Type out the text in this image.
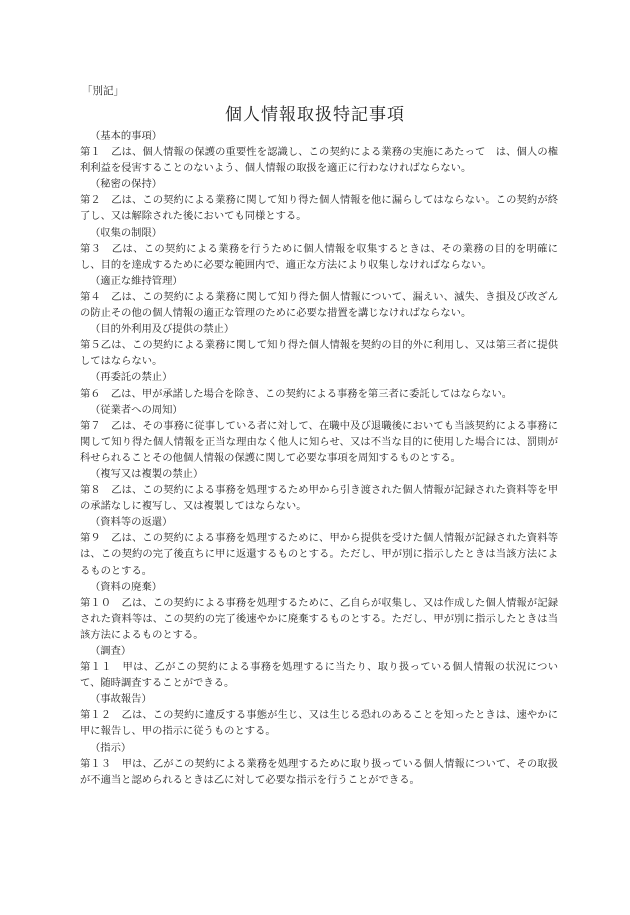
「別記」
個人情報取扱特記事項
（基本的事項）
第１　乙は、個人情報の保護の重要性を認識し、この契約による業務の実施にあたって　は、個人の権利利益を侵害することのないよう、個人情報の取扱を適正に行わなければならない。
（秘密の保持）
第２　乙は、この契約による業務に関して知り得た個人情報を他に漏らしてはならない。この契約が終了し、又は解除された後においても同様とする。
（収集の制限）
第３　乙は、この契約による業務を行うために個人情報を収集するときは、その業務の目的を明確にし、目的を達成するために必要な範囲内で、適正な方法により収集しなければならない。
（適正な維持管理）
第４　乙は、この契約による業務に関して知り得た個人情報について、漏えい、滅失、き損及び改ざんの防止その他の個人情報の適正な管理のために必要な措置を講じなければならない。
（目的外利用及び提供の禁止）
第５乙は、この契約による業務に関して知り得た個人情報を契約の目的外に利用し、又は第三者に提供してはならない。
（再委託の禁止）
第６　乙は、甲が承諾した場合を除き、この契約による事務を第三者に委託してはならない。
（従業者への周知）
第７　乙は、その事務に従事している者に対して、在職中及び退職後においても当該契約による事務に関して知り得た個人情報を正当な理由なく他人に知らせ、又は不当な目的に使用した場合には、罰則が科せられることその他個人情報の保護に関して必要な事項を周知するものとする。
（複写又は複製の禁止）
第８　乙は、この契約による事務を処理するため甲から引き渡された個人情報が記録された資料等を甲の承諾なしに複写し、又は複製してはならない。
（資料等の返還）
第９　乙は、この契約による事務を処理するために、甲から提供を受けた個人情報が記録された資料等は、この契約の完了後直ちに甲に返還するものとする。ただし、甲が別に指示したときは当該方法によるものとする。
（資料の廃棄）
第１０　乙は、この契約による事務を処理するために、乙自らが収集し、又は作成した個人情報が記録された資料等は、この契約の完了後速やかに廃棄するものとする。ただし、甲が別に指示したときは当該方法によるものとする。
（調査）
第１１　甲は、乙がこの契約による事務を処理するに当たり、取り扱っている個人情報の状況について、随時調査することができる。
（事故報告）
第１２　乙は、この契約に違反する事態が生じ、又は生じる恐れのあることを知ったときは、速やかに甲に報告し、甲の指示に従うものとする。
（指示）
第１３　甲は、乙がこの契約による業務を処理するために取り扱っている個人情報について、その取扱が不適当と認められるときは乙に対して必要な指示を行うことができる。
